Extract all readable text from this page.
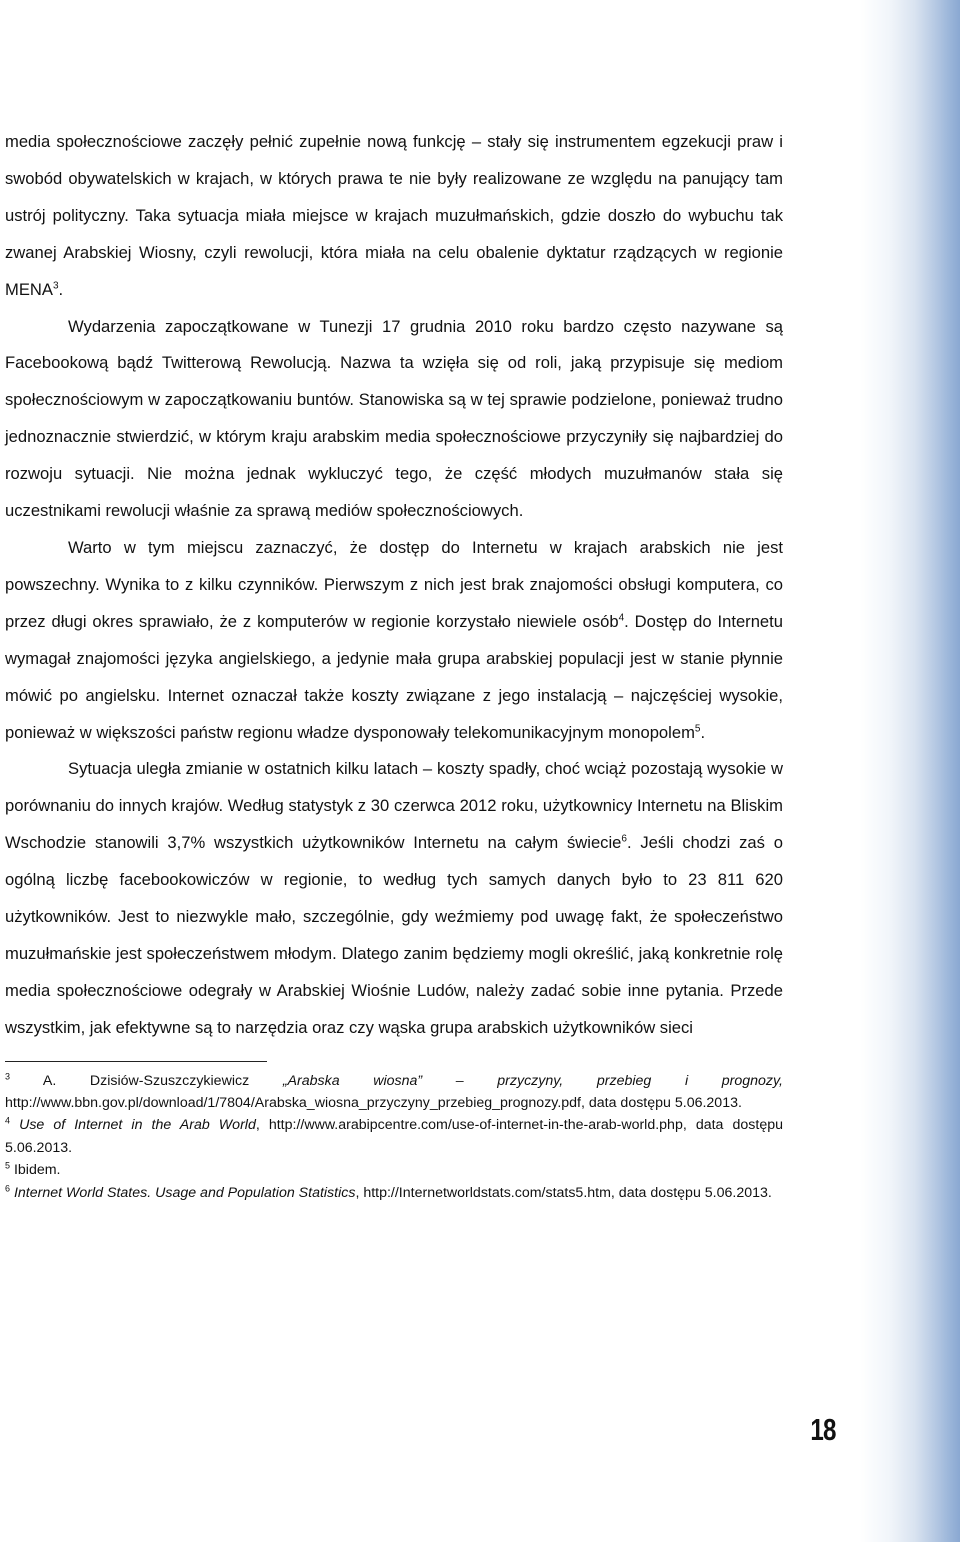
media społecznościowe zaczęły pełnić zupełnie nową funkcję – stały się instrumentem egzekucji praw i swobód obywatelskich w krajach, w których prawa te nie były realizowane ze względu na panujący tam ustrój polityczny. Taka sytuacja miała miejsce w krajach muzułmańskich, gdzie doszło do wybuchu tak zwanej Arabskiej Wiosny, czyli rewolucji, która miała na celu obalenie dyktatur rządzących w regionie MENA$^3$.

Wydarzenia zapoczątkowane w Tunezji 17 grudnia 2010 roku bardzo często nazywane są Facebookową bądź Twitterową Rewolucją. Nazwa ta wzięła się od roli, jaką przypisuje się mediom społecznościowym w zapoczątkowaniu buntów. Stanowiska są w tej sprawie podzielone, ponieważ trudno jednoznacznie stwierdzić, w którym kraju arabskim media społecznościowe przyczyniły się najbardziej do rozwoju sytuacji. Nie można jednak wykluczyć tego, że część młodych muzułmanów stała się uczestnikami rewolucji właśnie za sprawą mediów społecznościowych.

Warto w tym miejscu zaznaczyć, że dostęp do Internetu w krajach arabskich nie jest powszechny. Wynika to z kilku czynników. Pierwszym z nich jest brak znajomości obsługi komputera, co przez długi okres sprawiało, że z komputerów w regionie korzystało niewiele osób$^4$. Dostęp do Internetu wymagał znajomości języka angielskiego, a jedynie mała grupa arabskiej populacji jest w stanie płynnie mówić po angielsku. Internet oznaczał także koszty związane z jego instalacją – najczęściej wysokie, ponieważ w większości państw regionu władze dysponowały telekomunikacyjnym monopolem$^5$.

Sytuacja uległa zmianie w ostatnich kilku latach – koszty spadły, choć wciąż pozostają wysokie w porównaniu do innych krajów. Według statystyk z 30 czerwca 2012 roku, użytkownicy Internetu na Bliskim Wschodzie stanowili 3,7% wszystkich użytkowników Internetu na całym świecie$^6$. Jeśli chodzi zaś o ogólną liczbę facebookowiczów w regionie, to według tych samych danych było to 23 811 620 użytkowników. Jest to niezwykle mało, szczególnie, gdy weźmiemy pod uwagę fakt, że społeczeństwo muzułmańskie jest społeczeństwem młodym. Dlatego zanim będziemy mogli określić, jaką konkretnie rolę media społecznościowe odegrały w Arabskiej Wiośnie Ludów, należy zadać sobie inne pytania. Przede wszystkim, jak efektywne są to narzędzia oraz czy wąska grupa arabskich użytkowników sieci

$^3$ A. Dzisiów-Szuszczykiewicz „Arabska wiosna” – przyczyny, przebieg i prognozy, http://www.bbn.gov.pl/download/1/7804/Arabska_wiosna_przyczyny_przebieg_prognozy.pdf, data dostępu 5.06.2013.

$^4$ Use of Internet in the Arab World, http://www.arabipcentre.com/use-of-internet-in-the-arab-world.php, data dostępu 5.06.2013.

$^5$ Ibidem.

$^6$ Internet World States. Usage and Population Statistics, http://Internetworldstats.com/stats5.htm, data dostępu 5.06.2013.

18
